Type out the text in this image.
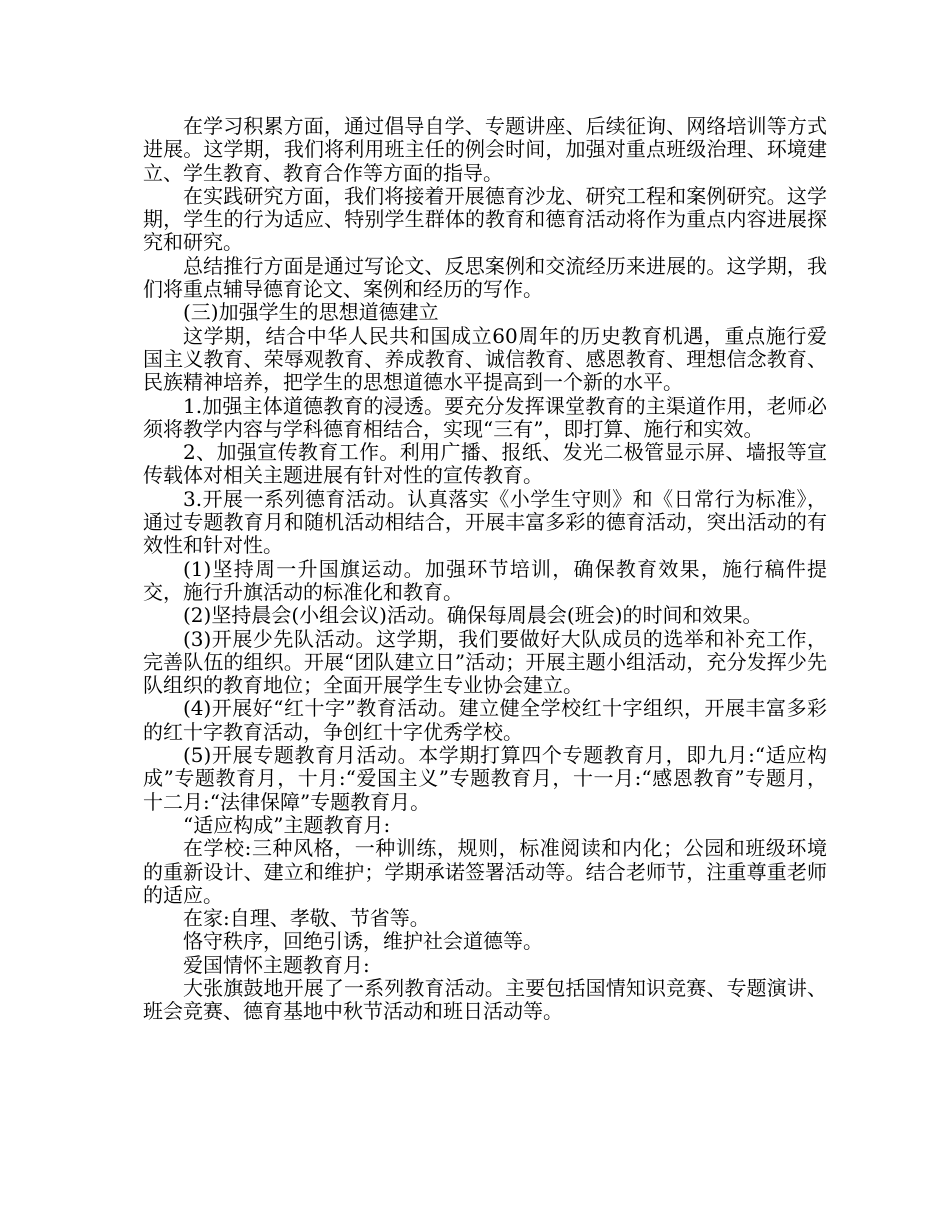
在学习积累方面，通过倡导自学、专题讲座、后续征询、网络培训等方式进展。这学期，我们将利用班主任的例会时间，加强对重点班级治理、环境建立、学生教育、教育合作等方面的指导。

在实践研究方面，我们将接着开展德育沙龙、研究工程和案例研究。这学期，学生的行为适应、特别学生群体的教育和德育活动将作为重点内容进展探究和研究。

总结推行方面是通过写论文、反思案例和交流经历来进展的。这学期，我们将重点辅导德育论文、案例和经历的写作。

(三)加强学生的思想道德建立

这学期，结合中华人民共和国成立60周年的历史教育机遇，重点施行爱国主义教育、荣辱观教育、养成教育、诚信教育、感恩教育、理想信念教育、民族精神培养，把学生的思想道德水平提高到一个新的水平。

1.加强主体道德教育的浸透。要充分发挥课堂教育的主渠道作用，老师必须将教学内容与学科德育相结合，实现“三有”，即打算、施行和实效。

2、加强宣传教育工作。利用广播、报纸、发光二极管显示屏、墙报等宣传载体对相关主题进展有针对性的宣传教育。

3.开展一系列德育活动。认真落实《小学生守则》和《日常行为标准》，通过专题教育月和随机活动相结合，开展丰富多彩的德育活动，突出活动的有效性和针对性。

(1)坚持周一升国旗运动。加强环节培训，确保教育效果，施行稿件提交，施行升旗活动的标准化和教育。

(2)坚持晨会(小组会议)活动。确保每周晨会(班会)的时间和效果。

(3)开展少先队活动。这学期，我们要做好大队成员的选举和补充工作，完善队伍的组织。开展“团队建立日”活动；开展主题小组活动，充分发挥少先队组织的教育地位；全面开展学生专业协会建立。

(4)开展好“红十字”教育活动。建立健全学校红十字组织，开展丰富多彩的红十字教育活动，争创红十字优秀学校。

(5)开展专题教育月活动。本学期打算四个专题教育月，即九月:“适应构成”专题教育月，十月:“爱国主义”专题教育月，十一月:“感恩教育”专题月，十二月:“法律保障”专题教育月。

“适应构成”主题教育月:

在学校:三种风格，一种训练，规则，标准阅读和内化；公园和班级环境的重新设计、建立和维护；学期承诺签署活动等。结合老师节，注重尊重老师的适应。

在家:自理、孝敬、节省等。

恪守秩序，回绝引诱，维护社会道德等。

爱国情怀主题教育月:

大张旗鼓地开展了一系列教育活动。主要包括国情知识竞赛、专题演讲、班会竞赛、德育基地中秋节活动和班日活动等。
